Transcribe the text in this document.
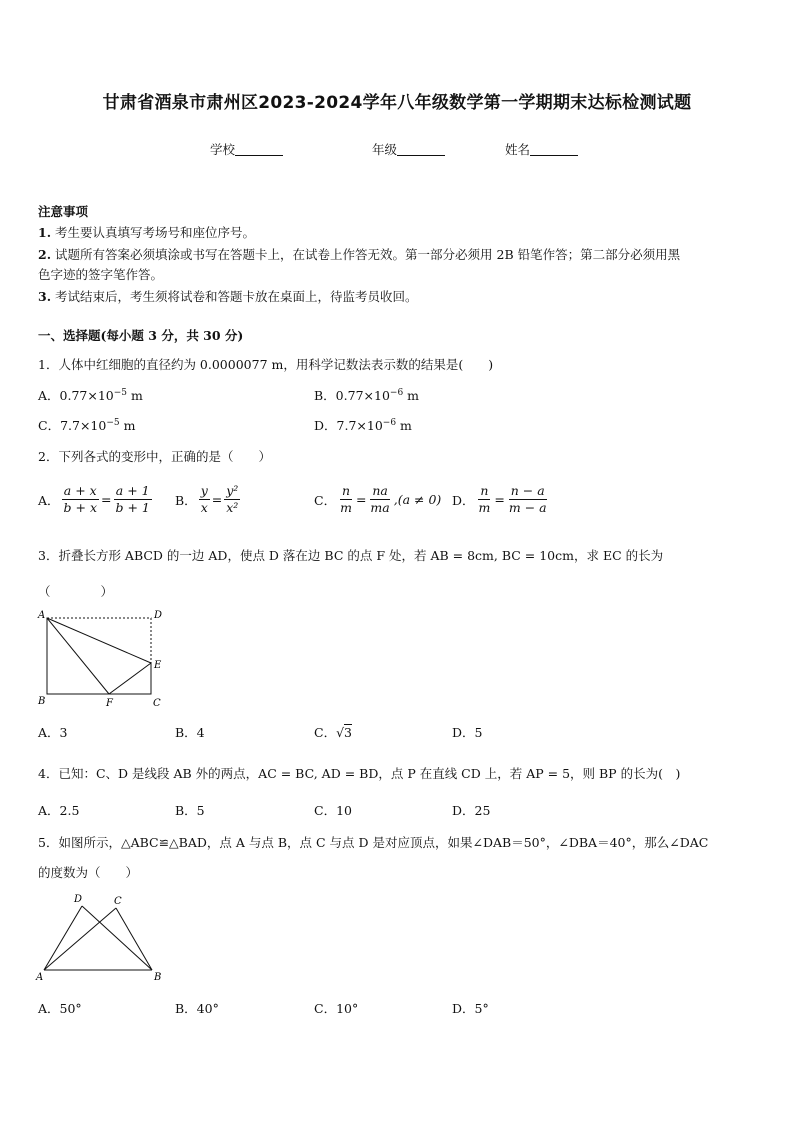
甘肃省酒泉市肃州区2023-2024学年八年级数学第一学期期末达标检测试题
学校	年级	姓名
注意事项
1. 考生要认真填写考场号和座位序号。
2. 试题所有答案必须填涂或书写在答题卡上，在试卷上作答无效。第一部分必须用 2B 铅笔作答；第二部分必须用黑
色字迹的签字笔作答。
3. 考试结束后，考生须将试卷和答题卡放在桌面上，待监考员收回。
一、选择题(每小题 3 分，共 30 分)
1．人体中红细胞的直径约为 0.0000077 m，用科学记数法表示数的结果是(　　)
A．$0.77\times 10^{-5}$ m	B．$0.77\times 10^{-6}$ m
C．$7.7\times 10^{-5}$ m	D．$7.7\times 10^{-6}$ m
2．下列各式的变形中，正确的是（　　）
A． $\frac{a + x}{b + x} = \frac{a + 1}{b + 1}$ B． $\frac{y}{x} = \frac{\text{y²}}{\text{x²}}$	C． $\frac{n}{m} = \frac{na}{ma} ,(a \ne 0)$ D． $\frac{n}{m} = \frac{n - a}{m - a}$
3．折叠长方形 ABCD 的一边 AD，使点 D 落在边 BC 的点 F 处，若 AB = 8cm, BC = 10cm，求 EC 的长为
（　　　　）
A	D
E
B	F	C
A．3	B．4	C．√3	D．5
4．已知：C、D 是线段 AB 外的两点，AC = BC, AD = BD，点 P 在直线 CD 上，若 AP = 5，则 BP 的长为(　)
A．2.5	B．5	C．10	D．25
5．如图所示，△ABC≌△BAD，点 A 与点 B，点 C 与点 D 是对应顶点，如果∠DAB＝50°，∠DBA＝40°，那么∠DAC
的度数为（　　）
D	C
A	B
A．50°	B．40°	C．10°	D．5°
